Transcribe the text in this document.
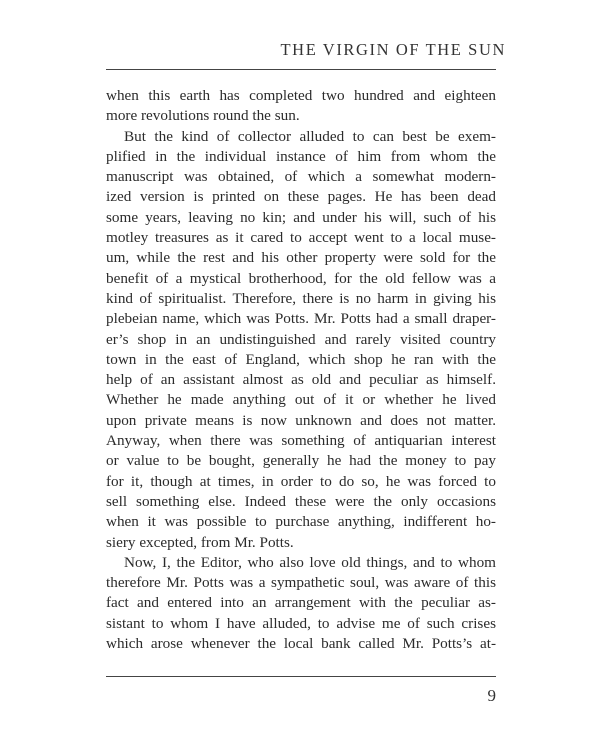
THE VIRGIN OF THE SUN
when this earth has completed two hundred and eighteen
more revolutions round the sun.
But the kind of collector alluded to can best be exem-
plified in the individual instance of him from whom the
manuscript was obtained, of which a somewhat modern-
ized version is printed on these pages. He has been dead
some years, leaving no kin; and under his will, such of his
motley treasures as it cared to accept went to a local muse-
um, while the rest and his other property were sold for the
benefit of a mystical brotherhood, for the old fellow was a
kind of spiritualist. Therefore, there is no harm in giving his
plebeian name, which was Potts. Mr. Potts had a small draper-
er’s shop in an undistinguished and rarely visited country
town in the east of England, which shop he ran with the
help of an assistant almost as old and peculiar as himself.
Whether he made anything out of it or whether he lived
upon private means is now unknown and does not matter.
Anyway, when there was something of antiquarian interest
or value to be bought, generally he had the money to pay
for it, though at times, in order to do so, he was forced to
sell something else. Indeed these were the only occasions
when it was possible to purchase anything, indifferent ho-
siery excepted, from Mr. Potts.
Now, I, the Editor, who also love old things, and to whom
therefore Mr. Potts was a sympathetic soul, was aware of this
fact and entered into an arrangement with the peculiar as-
sistant to whom I have alluded, to advise me of such crises
which arose whenever the local bank called Mr. Potts’s at-
9
